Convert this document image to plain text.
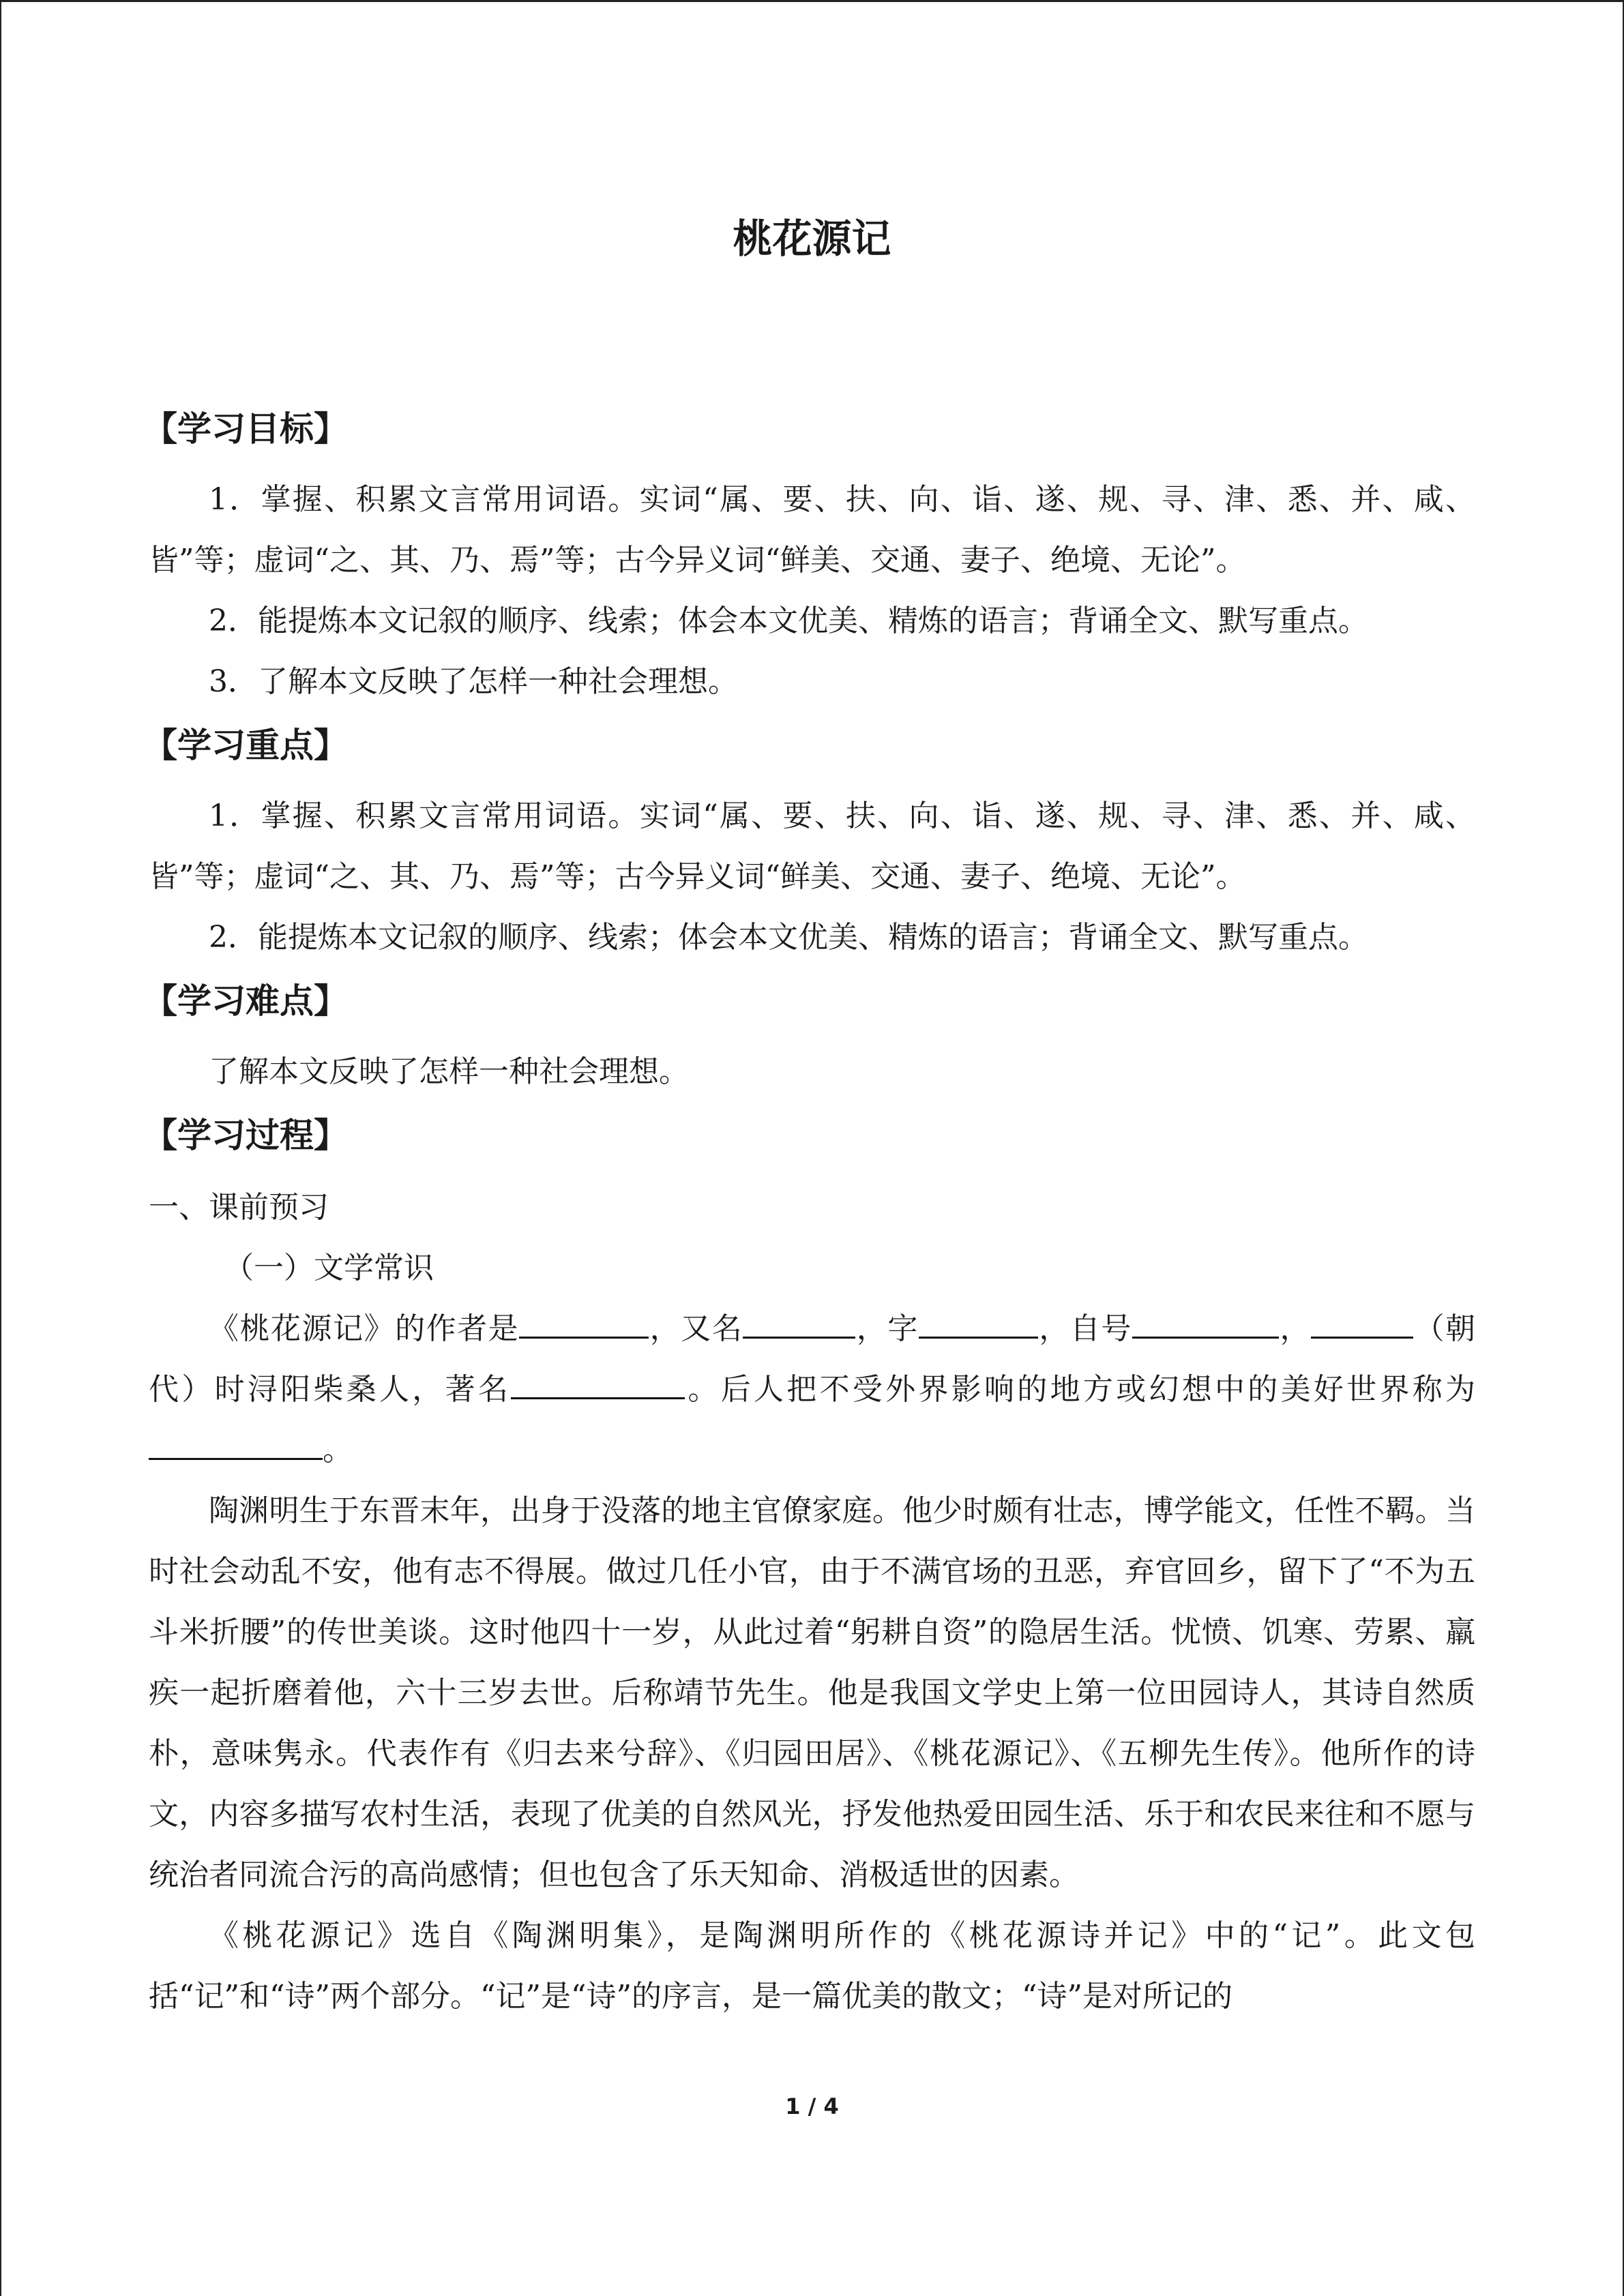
桃花源记
【学习目标】

1．掌握、积累文言常用词语。实词“属、要、扶、向、诣、遂、规、寻、津、悉、并、咸、皆”等；虚词“之、其、乃、焉”等；古今异义词“鲜美、交通、妻子、绝境、无论”。

2．能提炼本文记叙的顺序、线索；体会本文优美、精炼的语言；背诵全文、默写重点。

3．了解本文反映了怎样一种社会理想。

【学习重点】

1．掌握、积累文言常用词语。实词“属、要、扶、向、诣、遂、规、寻、津、悉、并、咸、皆”等；虚词“之、其、乃、焉”等；古今异义词“鲜美、交通、妻子、绝境、无论”。

2．能提炼本文记叙的顺序、线索；体会本文优美、精炼的语言；背诵全文、默写重点。

【学习难点】

了解本文反映了怎样一种社会理想。

【学习过程】

一、课前预习

（一）文学常识

《桃花源记》的作者是	，又名	，字	，自号	，	（朝代）时浔阳柴桑人，著名	。后人把不受外界影响的地方或幻想中的美好世界称为。

陶渊明生于东晋末年，出身于没落的地主官僚家庭。他少时颇有壮志，博学能文，任性不羁。当时社会动乱不安，他有志不得展。做过几任小官，由于不满官场的丑恶，弃官回乡，留下了“不为五斗米折腰”的传世美谈。这时他四十一岁，从此过着“躬耕自资”的隐居生活。忧愤、饥寒、劳累、羸疾一起折磨着他，六十三岁去世。后称靖节先生。他是我国文学史上第一位田园诗人，其诗自然质朴，意味隽永。代表作有《归去来兮辞》、《归园田居》、《桃花源记》、《五柳先生传》。他所作的诗文，内容多描写农村生活，表现了优美的自然风光，抒发他热爱田园生活、乐于和农民来往和不愿与统治者同流合污的高尚感情；但也包含了乐天知命、消极适世的因素。

《桃花源记》选自《陶渊明集》，是陶渊明所作的《桃花源诗并记》中的“记”。此文包括“记”和“诗”两个部分。“记”是“诗”的序言，是一篇优美的散文；“诗”是对所记的

1 / 4
